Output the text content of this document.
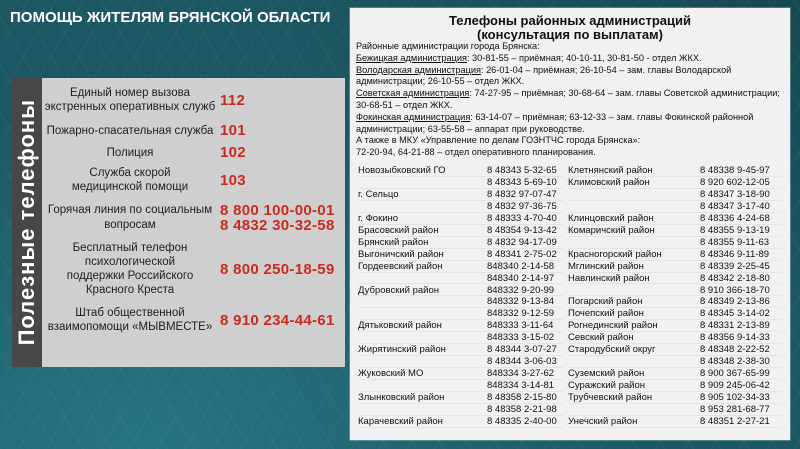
ПОМОЩЬ ЖИТЕЛЯМ БРЯНСКОЙ ОБЛАСТИ
Полезные телефоны
Единый номер вызова
экстренных оперативных служб 112
Пожарно-спасательная служба 101
Полиция	102
Служба скорой
медицинской помощи	103
Горячая линия по социальным
вопросам
8 800 100-00-01
8 4832 30-32-58
Бесплатный телефон
психологической
поддержки Российского
Красного Креста
8 800 250-18-59
Штаб общественной
взаимопомощи «МЫВМЕСТЕ» 8 910 234-44-61
Телефоны районных администраций
(консультация по выплатам)
Районные администрации города Брянска:
Бежицкая администрация: 30-81-55 – приёмная; 40-10-11, 30-81-50 - отдел ЖКХ.
Володарская администрация: 26-01-04 – приёмная; 26-10-54 – зам. главы Володарской
администрации; 26-10-55 – отдел ЖКХ.
Советская администрация: 74-27-95 – приёмная; 30-68-64 – зам. главы Советской администрации;
30-68-51 – отдел ЖКХ.
Фокинская администрация: 63-14-07 – приёмная; 63-12-33 – зам. главы Фокинской районной
администрации; 63-55-58 – аппарат при руководстве.
А также в МКУ «Управление по делам ГОЗНТЧС города Брянска»:
72-20-94, 64-21-88 – отдел оперативного планирования.
Новозыбковский ГО	8 48343 5-32-65
8 48343 5-69-10
г. Сельцо	8 4832 97-07-47
8 4832 97-36-75
г. Фокино	8 48333 4-70-40
Брасовский район	8 48354 9-13-42
Брянский район	8 4832 94-17-09
Выгоничский район	8 48341 2-75-02
Гордеевский район	848340 2-14-58
848340 2-14-97
Дубровский район	848332 9-20-99
848332 9-13-84
848332 9-12-59
Дятьковский район	848333 3-11-64
848333 3-15-02
Жирятинский район	8 48344 3-07-27
8 48344 3-06-03
Жуковский МО	848334 3-27-62
848334 3-14-81
Злынковский район	8 48358 2-15-80
8 48358 2-21-98
Карачевский район	8 48335 2-40-00
Клетнянский район	8 48338 9-45-97
Климовский район	8 920 602-12-05
8 48347 3-18-90
8 48347 3-17-40
Клинцовский район	8 48336 4-24-68
Комаричский район	8 48355 9-13-19
8 48355 9-11-63
Красногорский район	8 48346 9-11-89
Мглинский район	8 48339 2-25-45
Навлинский район	8 48342 2-18-80
8 910 366-18-70
Погарский район	8 48349 2-13-86
Почепский район	8 48345 3-14-02
Рогнединский район	8 48331 2-13-89
Севский район	8 48356 9-14-33
Стародубский округ	8 48348 2-22-52
8 48348 2-38-30
Суземский район	8 900 367-65-99
Суражский район	8 909 245-06-42
Трубчевский район	8 905 102-34-33
8 953 281-68-77
Унечский район	8 48351 2-27-21
